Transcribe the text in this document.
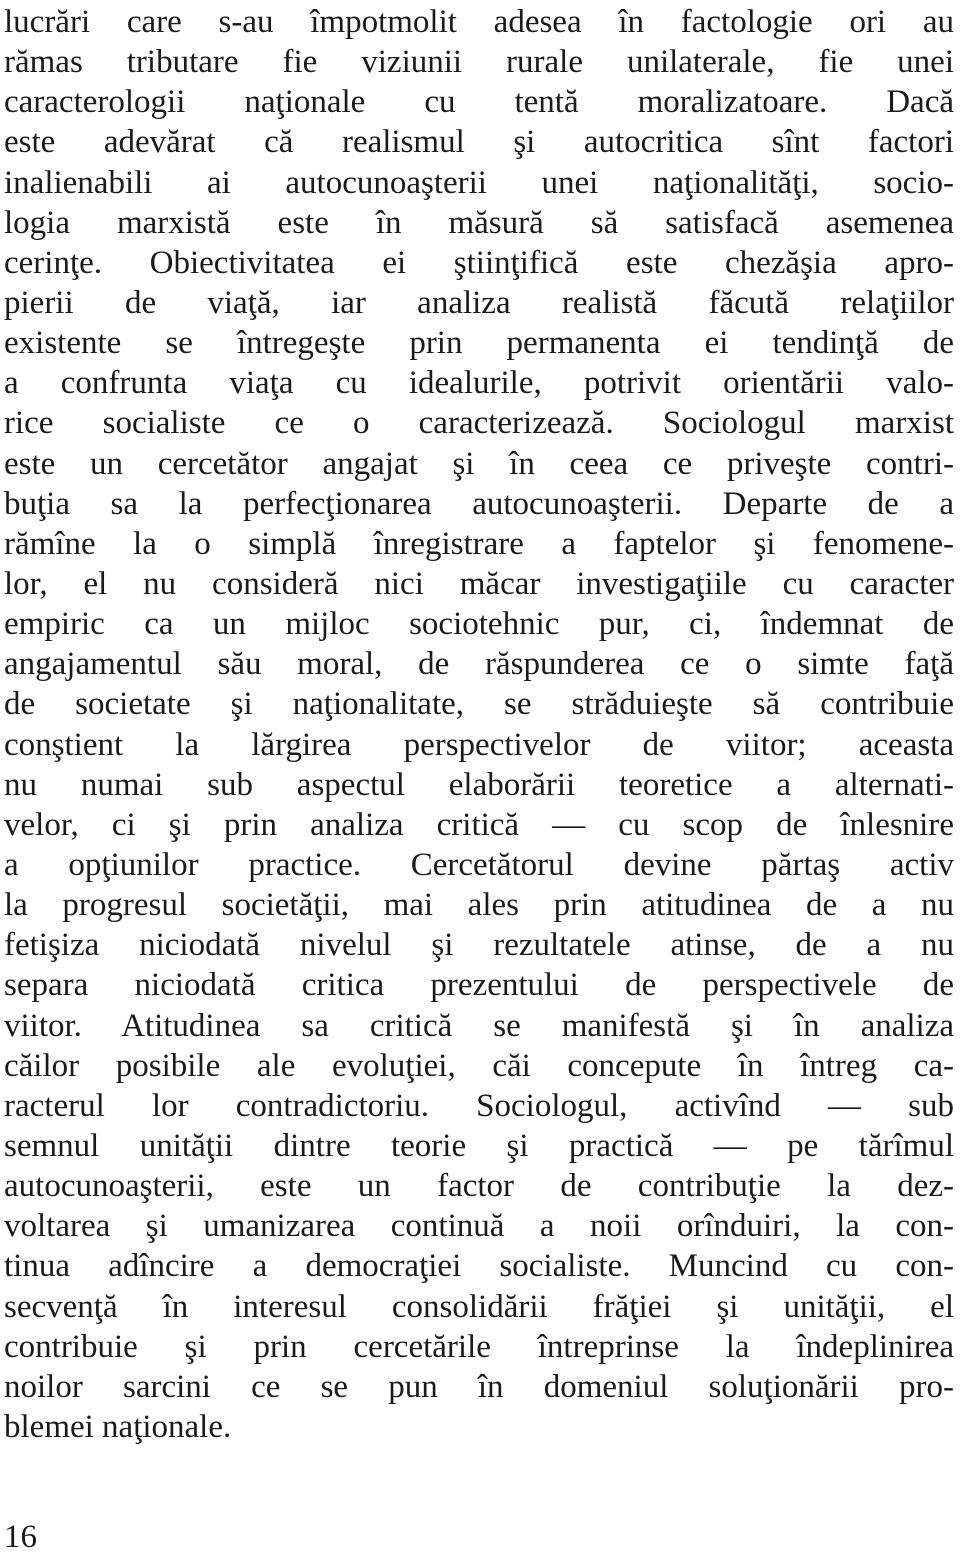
lucrări care s-au împotmolit adesea în factologie ori au
rămas tributare fie viziunii rurale unilaterale, fie unei
caracterologii naţionale cu tentă moralizatoare. Dacă
este adevărat că realismul şi autocritica sînt factori
inalienabili ai autocunoaşterii unei naţionalităţi, socio-
logia marxistă este în măsură să satisfacă asemenea
cerinţe. Obiectivitatea ei ştiinţifică este chezăşia apro-
pierii de viaţă, iar analiza realistă făcută relaţiilor
existente se întregeşte prin permanenta ei tendinţă de
a confrunta viaţa cu idealurile, potrivit orientării valo-
rice socialiste ce o caracterizează. Sociologul marxist
este un cercetător angajat şi în ceea ce priveşte contri-
buţia sa la perfecţionarea autocunoaşterii. Departe de a
rămîne la o simplă înregistrare a faptelor şi fenomene-
lor, el nu consideră nici măcar investigaţiile cu caracter
empiric ca un mijloc sociotehnic pur, ci, îndemnat de
angajamentul său moral, de răspunderea ce o simte faţă
de societate şi naţionalitate, se străduieşte să contribuie
conştient la lărgirea perspectivelor de viitor; aceasta
nu numai sub aspectul elaborării teoretice a alternati-
velor, ci şi prin analiza critică — cu scop de înlesnire
a opţiunilor practice. Cercetătorul devine părtaş activ
la progresul societăţii, mai ales prin atitudinea de a nu
fetişiza niciodată nivelul şi rezultatele atinse, de a nu
separa niciodată critica prezentului de perspectivele de
viitor. Atitudinea sa critică se manifestă şi în analiza
căilor posibile ale evoluţiei, căi concepute în întreg ca-
racterul lor contradictoriu. Sociologul, activînd — sub
semnul unităţii dintre teorie şi practică — pe tărîmul
autocunoaşterii, este un factor de contribuţie la dez-
voltarea şi umanizarea continuă a noii orînduiri, la con-
tinua adîncire a democraţiei socialiste. Muncind cu con-
secvenţă în interesul consolidării frăţiei şi unităţii, el
contribuie şi prin cercetările întreprinse la îndeplinirea
noilor sarcini ce se pun în domeniul soluţionării pro-
blemei naţionale.
16
